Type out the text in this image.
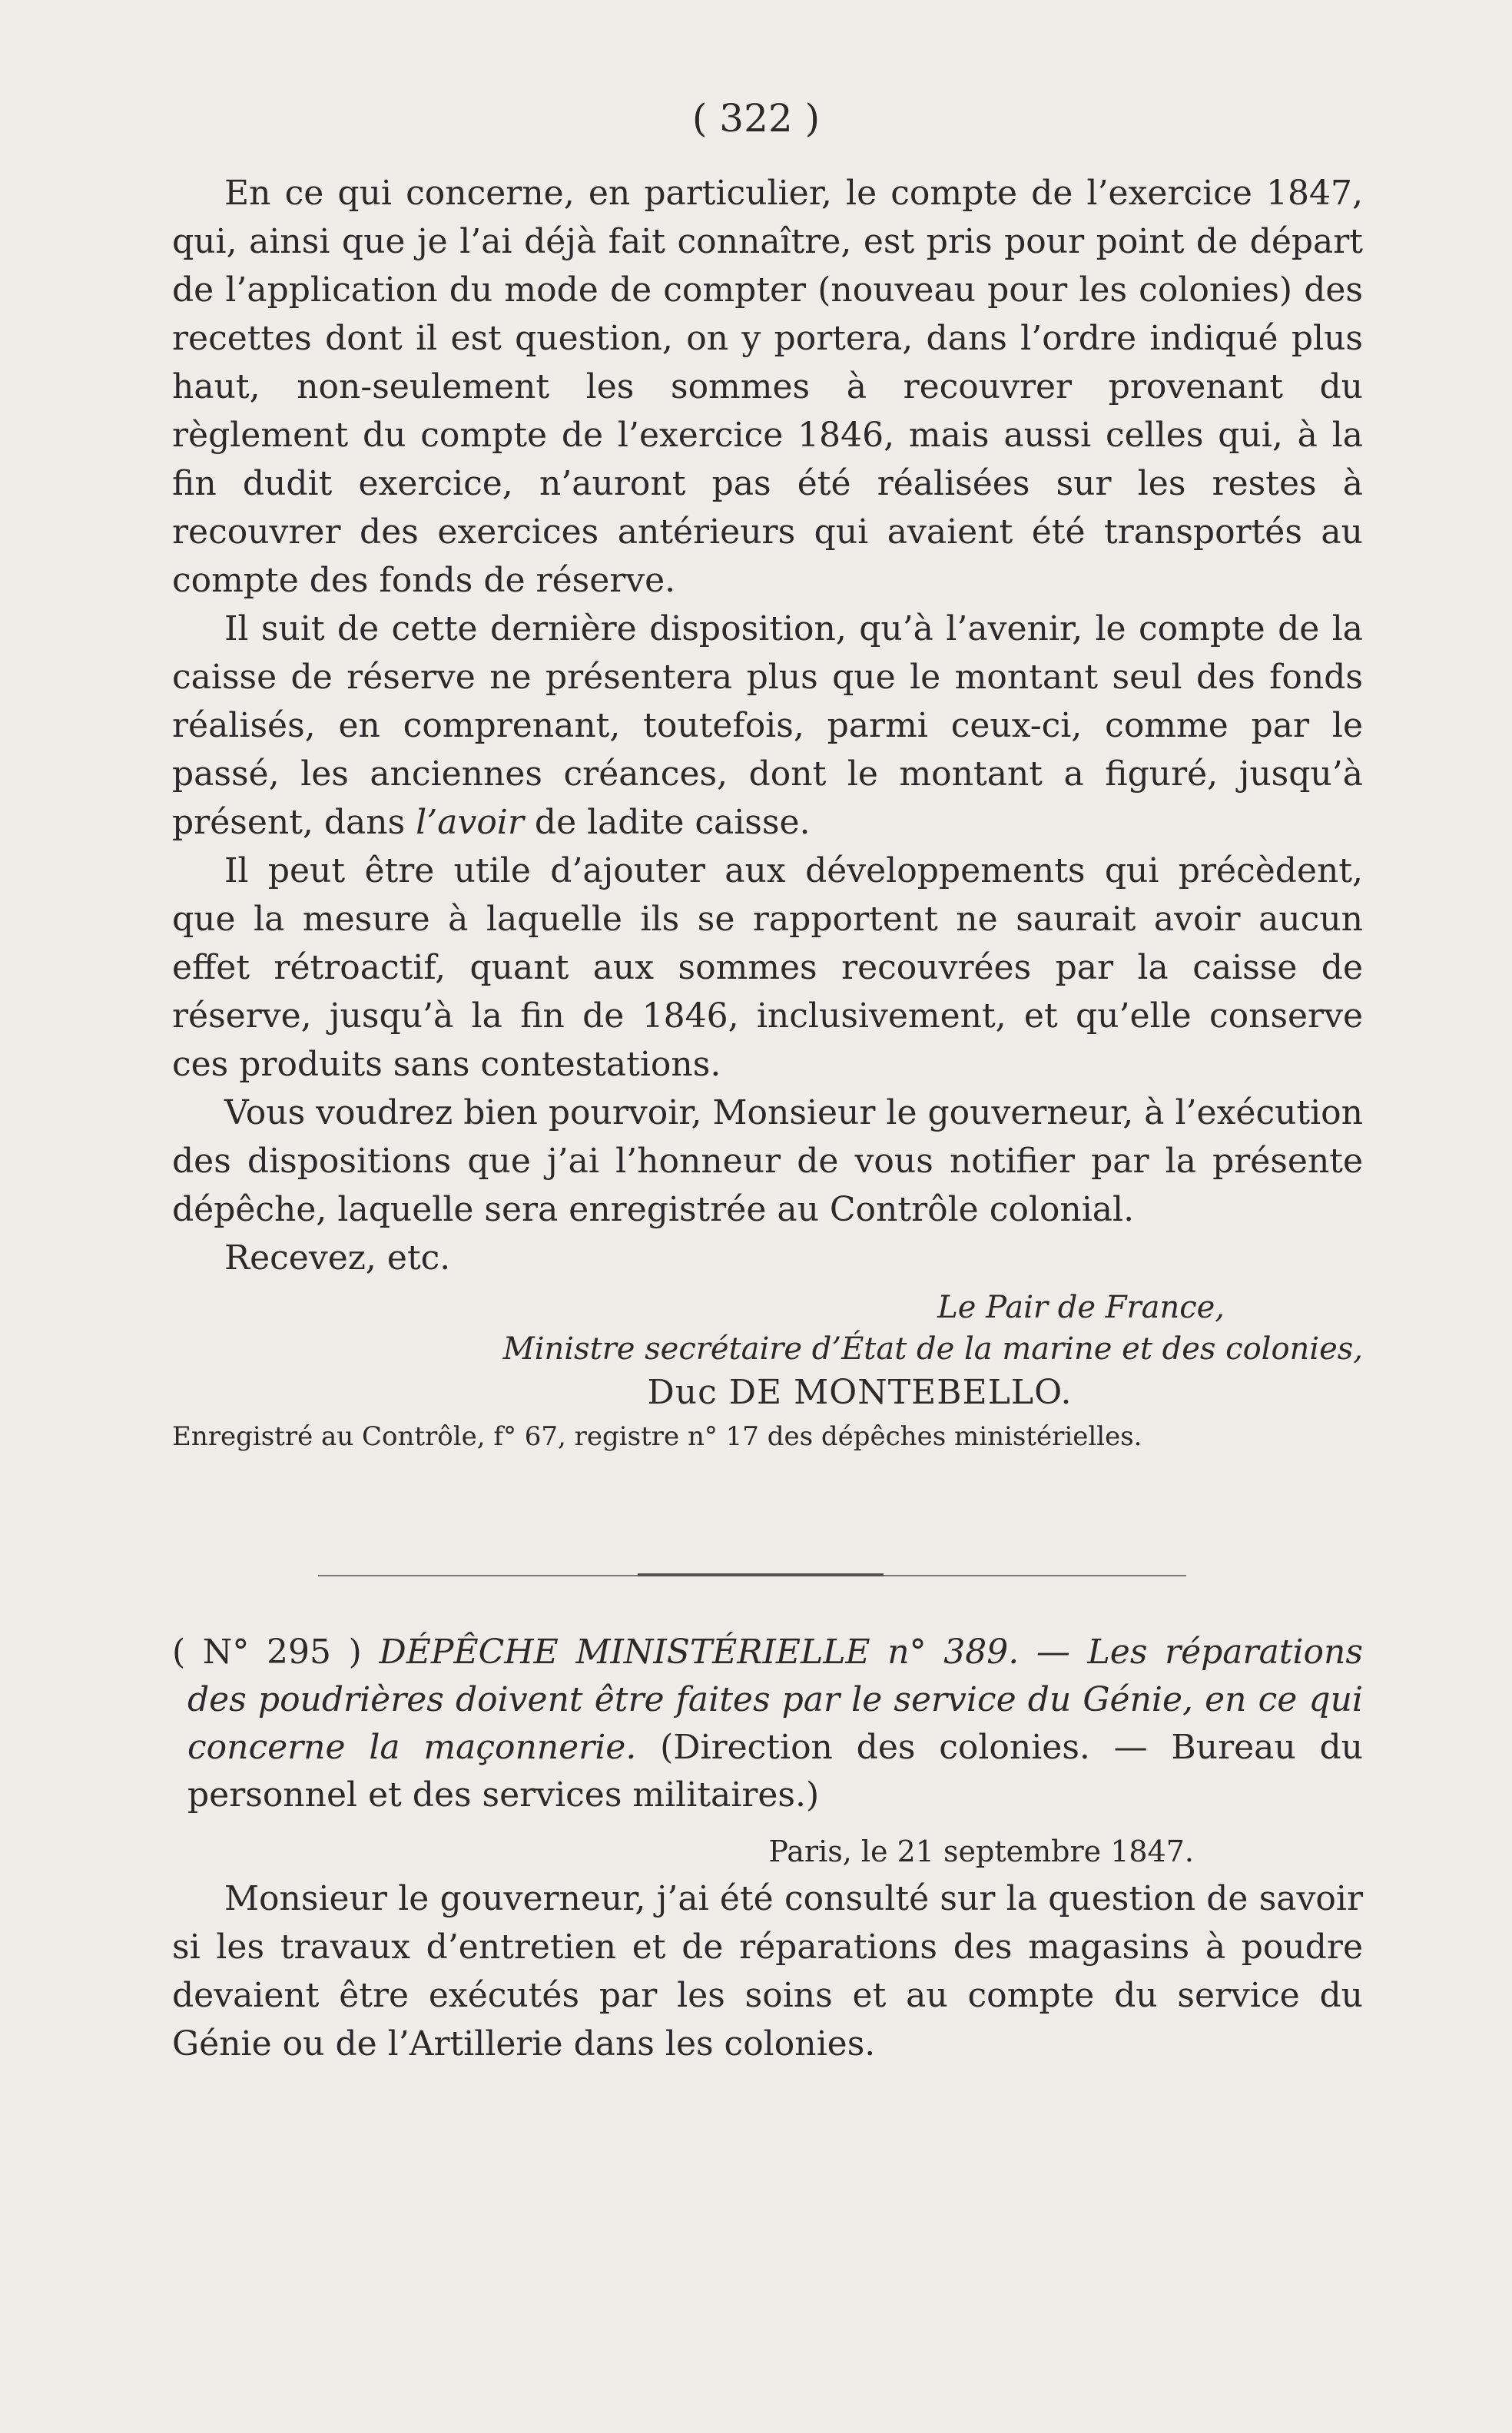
( 322 )

En ce qui concerne, en particulier, le compte de l’exercice 1847, qui, ainsi que je l’ai déjà fait connaître, est pris pour point de départ de l’application du mode de compter (nouveau pour les colonies) des recettes dont il est question, on y portera, dans l’ordre indiqué plus haut, non-seulement les sommes à recouvrer provenant du règlement du compte de l’exercice 1846, mais aussi celles qui, à la fin dudit exercice, n’auront pas été réalisées sur les restes à recouvrer des exercices antérieurs qui avaient été transportés au compte des fonds de réserve.

Il suit de cette dernière disposition, qu’à l’avenir, le compte de la caisse de réserve ne présentera plus que le montant seul des fonds réalisés, en comprenant, toutefois, parmi ceux-ci, comme par le passé, les anciennes créances, dont le montant a figuré, jusqu’à présent, dans l’avoir de ladite caisse.

Il peut être utile d’ajouter aux développements qui précèdent, que la mesure à laquelle ils se rapportent ne saurait avoir aucun effet rétroactif, quant aux sommes recouvrées par la caisse de réserve, jusqu’à la fin de 1846, inclusivement, et qu’elle conserve ces produits sans contestations.

Vous voudrez bien pourvoir, Monsieur le gouverneur, à l’exécution des dispositions que j’ai l’honneur de vous notifier par la présente dépêche, laquelle sera enregistrée au Contrôle colonial.

Recevez, etc.

Le Pair de France,

Ministre secrétaire d’État de la marine et des colonies,

Duc DE MONTEBELLO.

Enregistré au Contrôle, f° 67, registre n° 17 des dépêches ministérielles.

( N° 295 ) DÉPÊCHE MINISTÉRIELLE n° 389. — Les réparations des poudrières doivent être faites par le service du Génie, en ce qui concerne la maçonnerie. (Direction des colonies. — Bureau du personnel et des services militaires.)

Paris, le 21 septembre 1847.

Monsieur le gouverneur, j’ai été consulté sur la question de savoir si les travaux d’entretien et de réparations des magasins à poudre devaient être exécutés par les soins et au compte du service du Génie ou de l’Artillerie dans les colonies.
